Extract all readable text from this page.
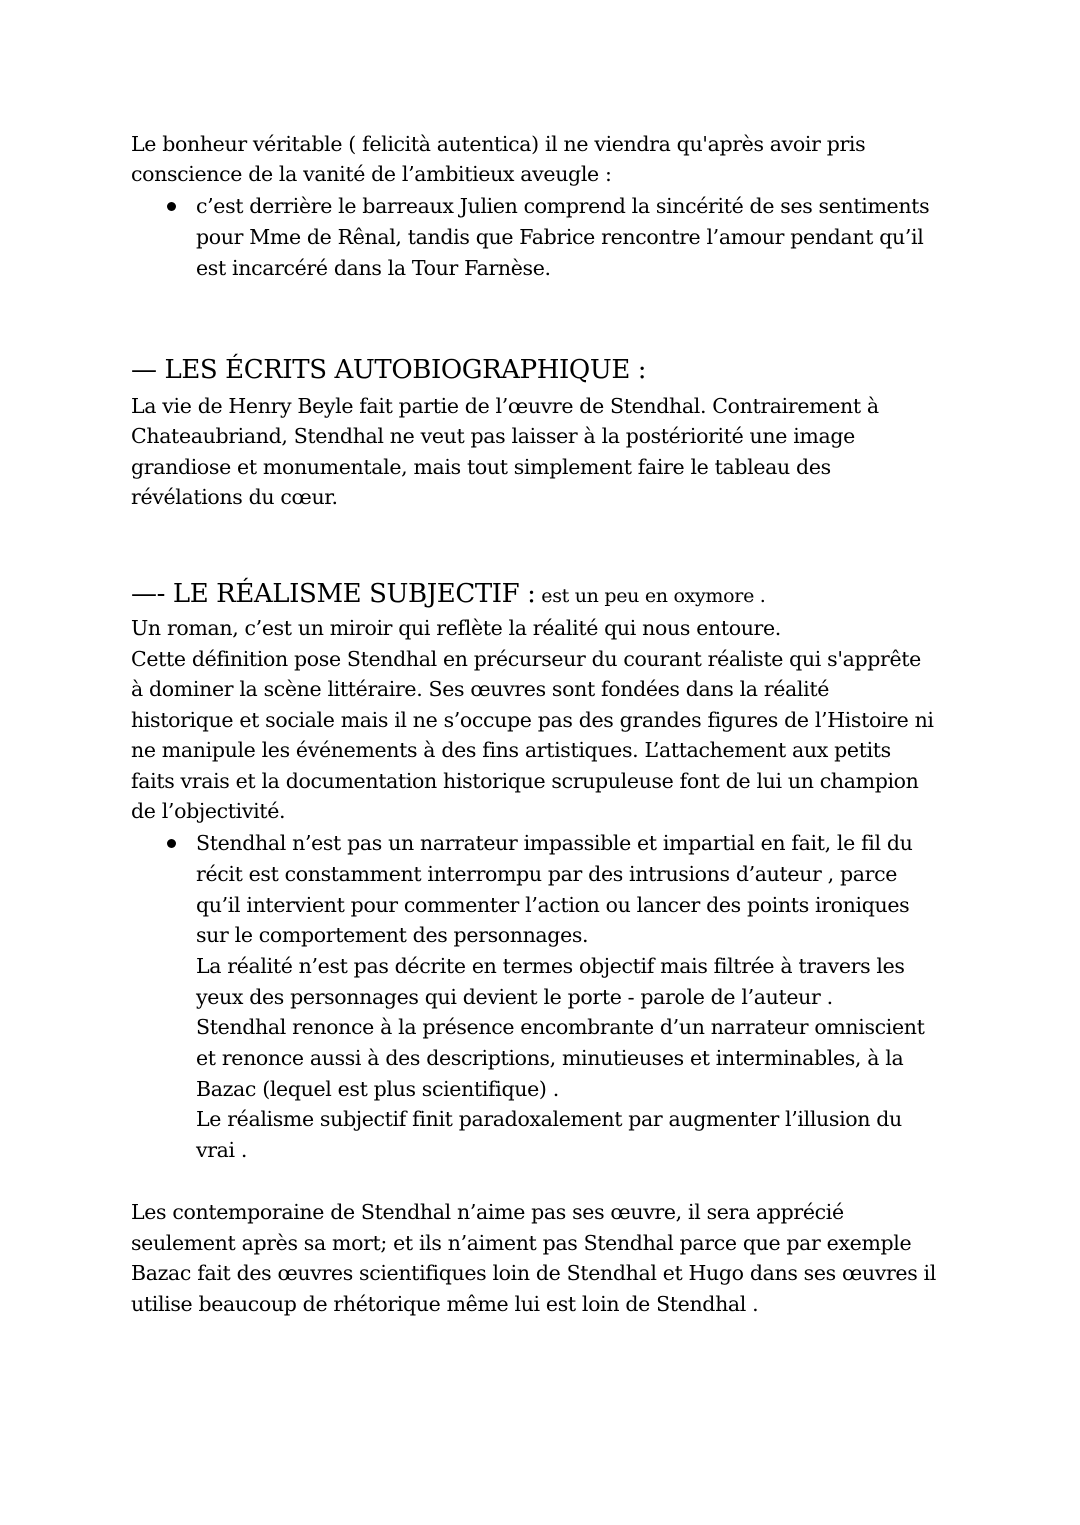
Le bonheur véritable ( felicità autentica) il ne viendra qu'après avoir pris
conscience de la vanité de l’ambitieux aveugle :
c’est derrière le barreaux Julien comprend la sincérité de ses sentiments
pour Mme de Rênal, tandis que Fabrice rencontre l’amour pendant qu’il
est incarcéré dans la Tour Farnèse.
— LES ÉCRITS AUTOBIOGRAPHIQUE :
La vie de Henry Beyle fait partie de l’œuvre de Stendhal. Contrairement à
Chateaubriand, Stendhal ne veut pas laisser à la postériorité une image
grandiose et monumentale, mais tout simplement faire le tableau des
révélations du cœur.
—- LE RÉALISME SUBJECTIF : est un peu en oxymore .
Un roman, c’est un miroir qui reflète la réalité qui nous entoure.
Cette définition pose Stendhal en précurseur du courant réaliste qui s'apprête
à dominer la scène littéraire. Ses œuvres sont fondées dans la réalité
historique et sociale mais il ne s’occupe pas des grandes figures de l’Histoire ni
ne manipule les événements à des fins artistiques. L’attachement aux petits
faits vrais et la documentation historique scrupuleuse font de lui un champion
de l’objectivité.
Stendhal n’est pas un narrateur impassible et impartial en fait, le fil du
récit est constamment interrompu par des intrusions d’auteur , parce
qu’il intervient pour commenter l’action ou lancer des points ironiques
sur le comportement des personnages.
La réalité n’est pas décrite en termes objectif mais filtrée à travers les
yeux des personnages qui devient le porte - parole de l’auteur .
Stendhal renonce à la présence encombrante d’un narrateur omniscient
et renonce aussi à des descriptions, minutieuses et interminables, à la
Bazac (lequel est plus scientifique) .
Le réalisme subjectif finit paradoxalement par augmenter l’illusion du
vrai .
Les contemporaine de Stendhal n’aime pas ses œuvre, il sera apprécié
seulement après sa mort; et ils n’aiment pas Stendhal parce que par exemple
Bazac fait des œuvres scientifiques loin de Stendhal et Hugo dans ses œuvres il
utilise beaucoup de rhétorique même lui est loin de Stendhal .
